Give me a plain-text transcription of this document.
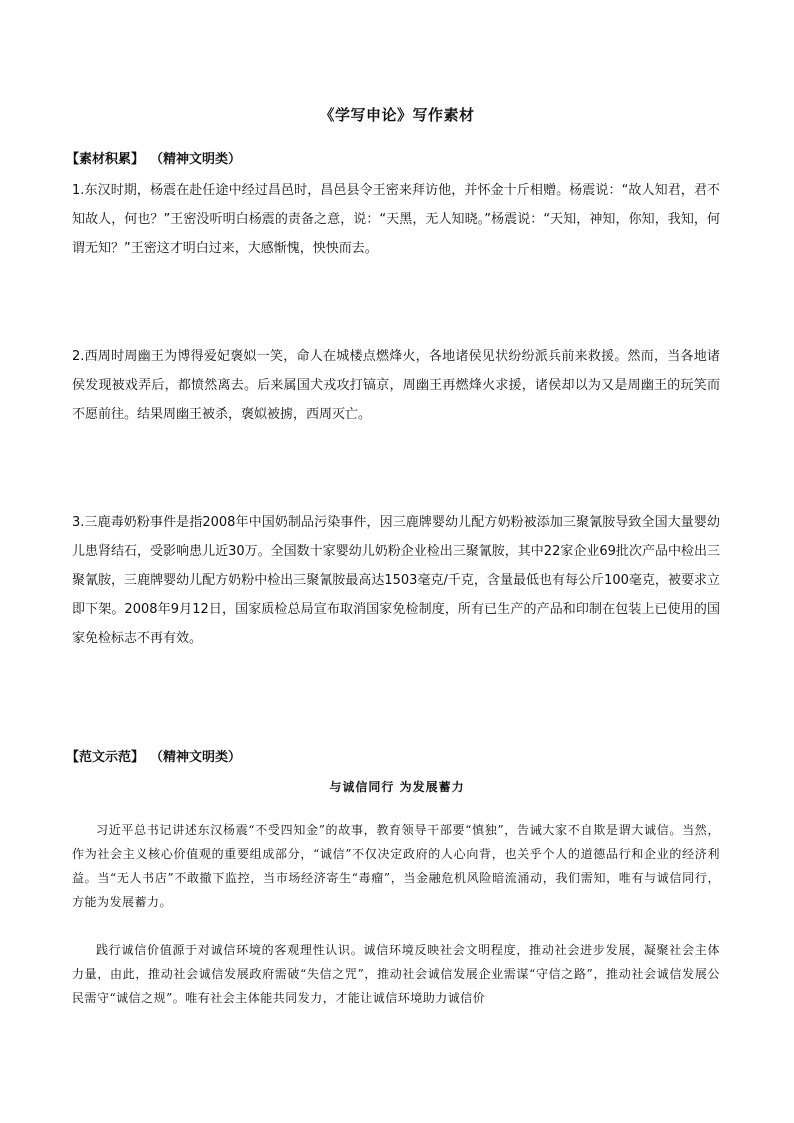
《学写申论》写作素材
【素材积累】 （精神文明类）
1.东汉时期，杨震在赴任途中经过昌邑时，昌邑县令王密来拜访他，并怀金十斤相赠。杨震说：“故人知君，君不知故人，何也？”王密没听明白杨震的责备之意，说：“天黑，无人知晓。”杨震说：“天知，神知，你知，我知，何谓无知？”王密这才明白过来，大感惭愧，怏怏而去。
2.西周时周幽王为博得爱妃褒姒一笑，命人在城楼点燃烽火，各地诸侯见状纷纷派兵前来救援。然而，当各地诸侯发现被戏弄后，都愤然离去。后来属国犬戎攻打镐京，周幽王再燃烽火求援，诸侯却以为又是周幽王的玩笑而不愿前往。结果周幽王被杀，褒姒被掳，西周灭亡。
3.三鹿毒奶粉事件是指2008年中国奶制品污染事件，因三鹿牌婴幼儿配方奶粉被添加三聚氰胺导致全国大量婴幼儿患肾结石，受影响患儿近30万。全国数十家婴幼儿奶粉企业检出三聚氰胺，其中22家企业69批次产品中检出三聚氰胺，三鹿牌婴幼儿配方奶粉中检出三聚氰胺最高达1503毫克/千克，含量最低也有每公斤100毫克，被要求立即下架。2008年9月12日，国家质检总局宣布取消国家免检制度，所有已生产的产品和印制在包装上已使用的国家免检标志不再有效。
【范文示范】 （精神文明类）
与诚信同行 为发展蓄力
习近平总书记讲述东汉杨震“不受四知金”的故事，教育领导干部要“慎独”，告诫大家不自欺是谓大诚信。当然，作为社会主义核心价值观的重要组成部分，“诚信”不仅决定政府的人心向背，也关乎个人的道德品行和企业的经济利益。当“无人书店”不敢撤下监控，当市场经济寄生“毒瘤”，当金融危机风险暗流涌动，我们需知，唯有与诚信同行，方能为发展蓄力。
践行诚信价值源于对诚信环境的客观理性认识。诚信环境反映社会文明程度，推动社会进步发展，凝聚社会主体力量，由此，推动社会诚信发展政府需破“失信之咒”，推动社会诚信发展企业需谋“守信之路”，推动社会诚信发展公民需守“诚信之规”。唯有社会主体能共同发力，才能让诚信环境助力诚信价
